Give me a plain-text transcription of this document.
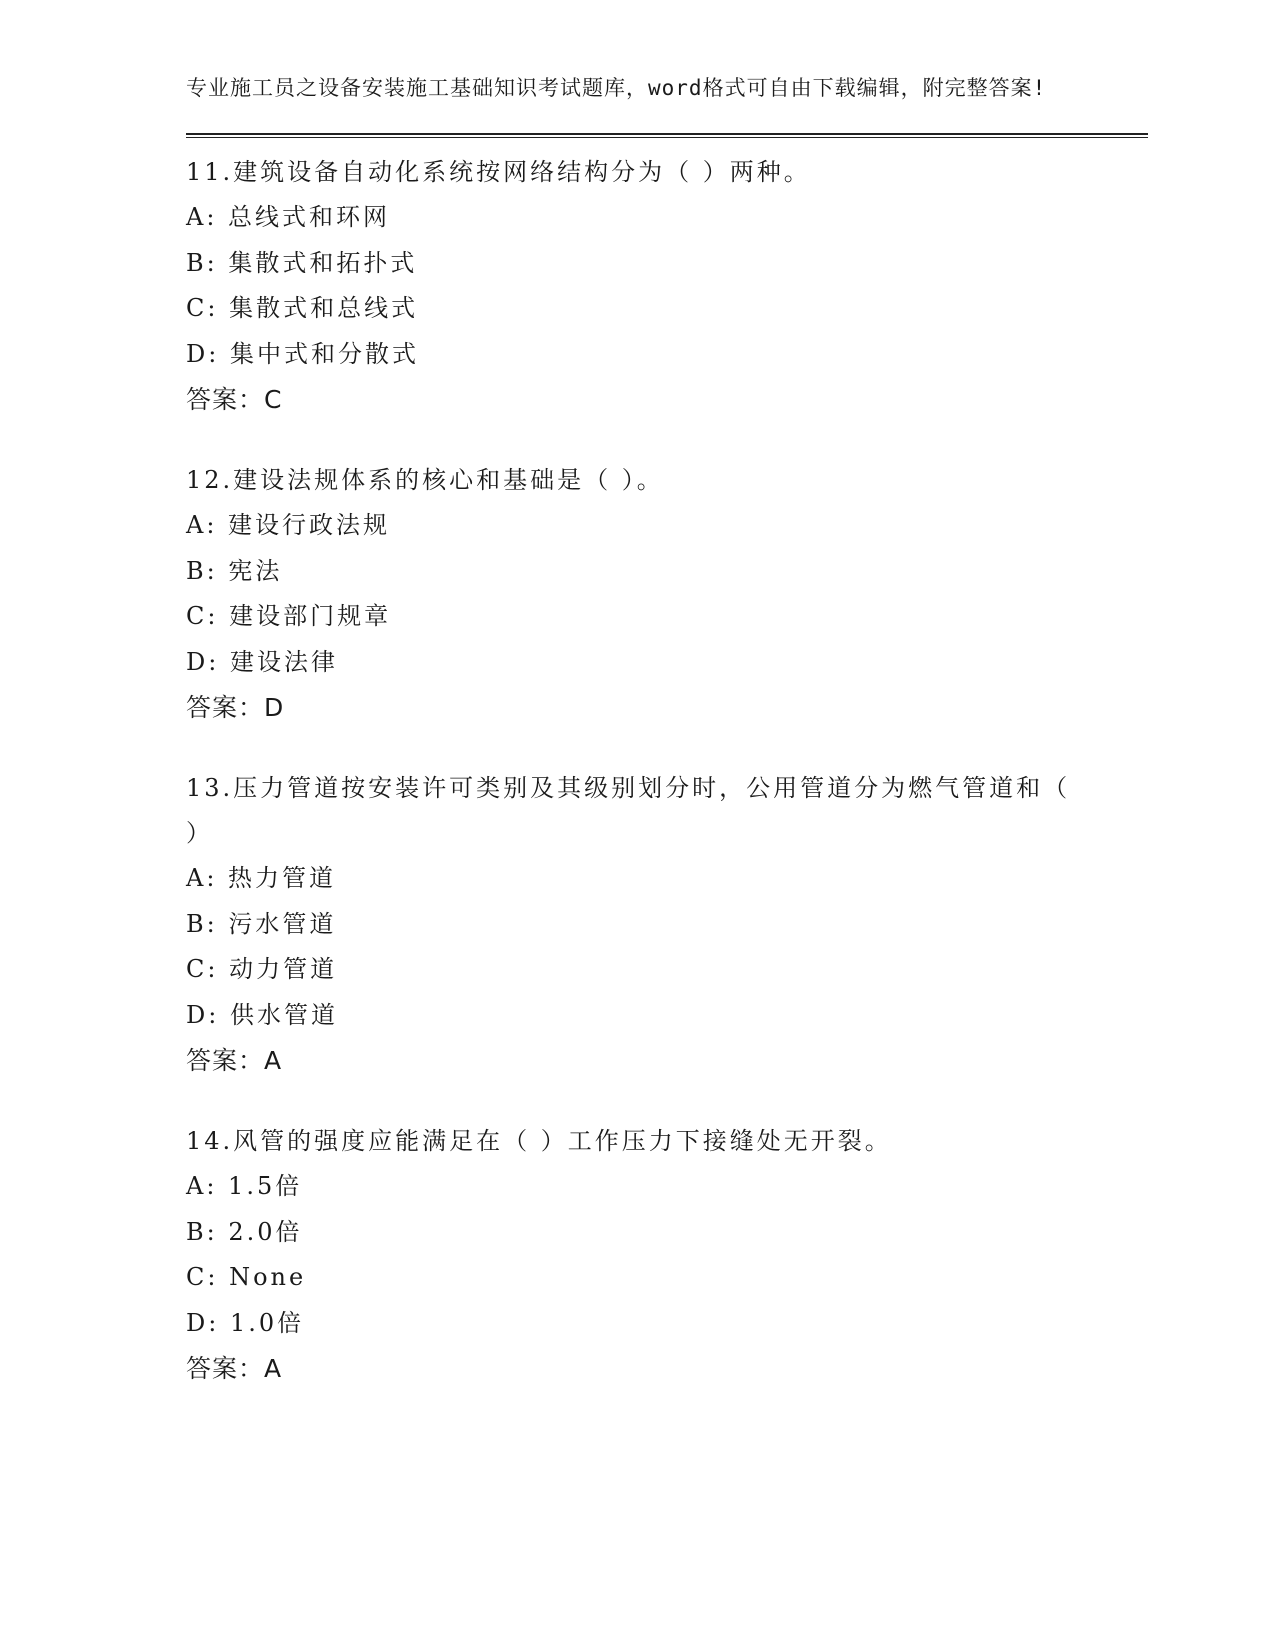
专业施工员之设备安装施工基础知识考试题库，word格式可自由下载编辑，附完整答案!

11.建筑设备自动化系统按网络结构分为（ ）两种。
A: 总线式和环网
B: 集散式和拓扑式
C: 集散式和总线式
D: 集中式和分散式
答案：C
12.建设法规体系的核心和基础是（ ）。
A: 建设行政法规
B: 宪法
C: 建设部门规章
D: 建设法律
答案：D
13.压力管道按安装许可类别及其级别划分时，公用管道分为燃气管道和（ ）
A: 热力管道
B: 污水管道
C: 动力管道
D: 供水管道
答案：A
14.风管的强度应能满足在（ ）工作压力下接缝处无开裂。
A: 1.5倍
B: 2.0倍
C: None
D: 1.0倍
答案：A
